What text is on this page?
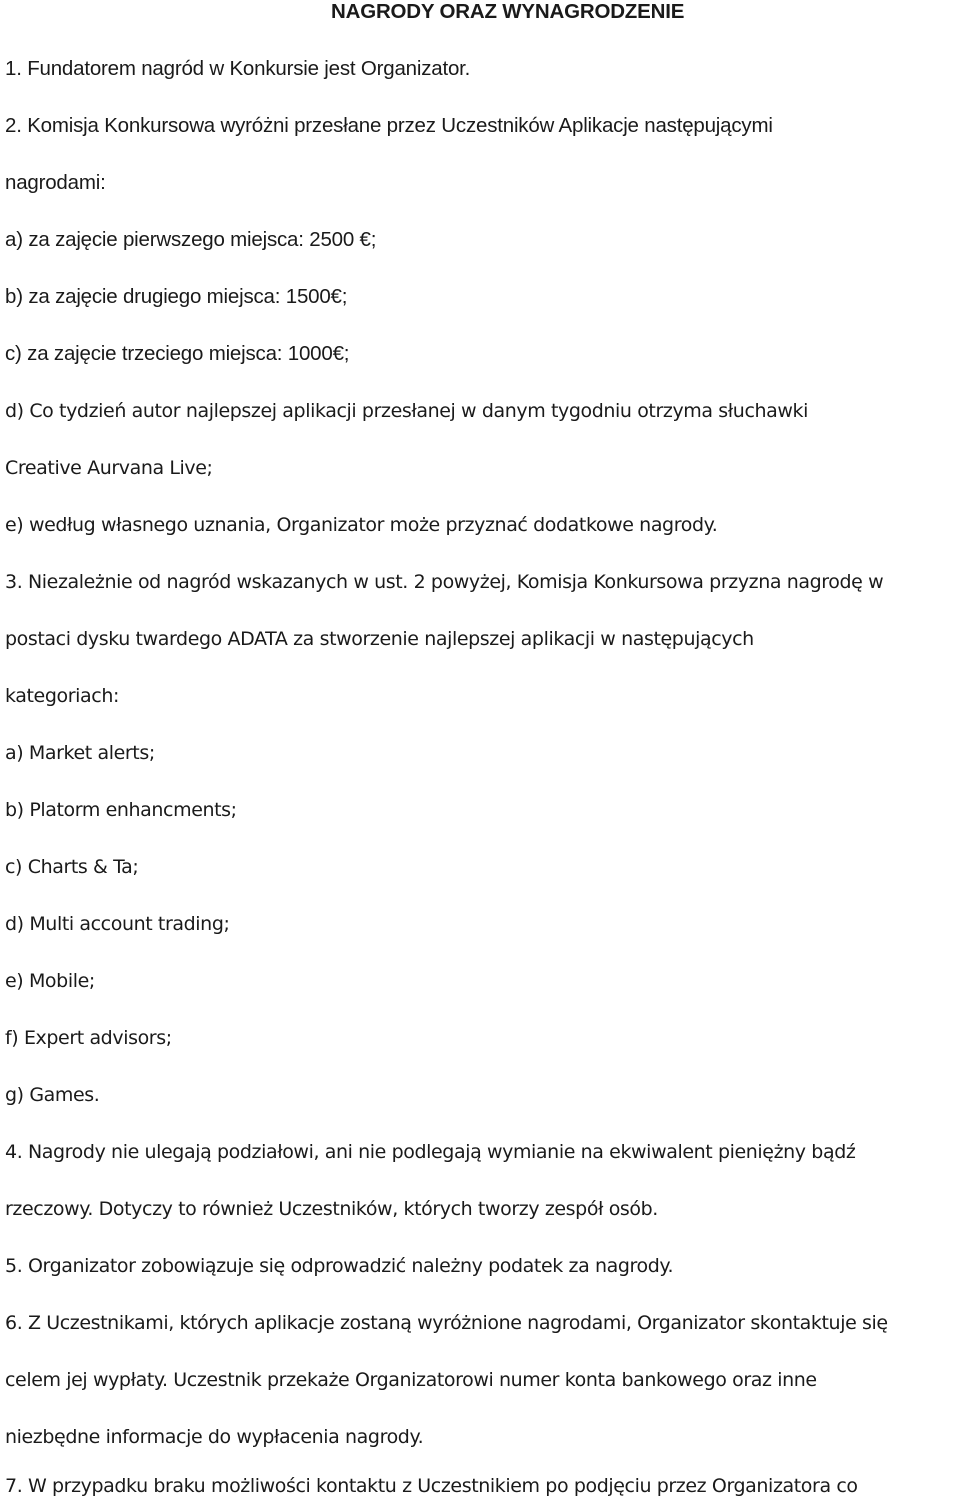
NAGRODY ORAZ WYNAGRODZENIE
1. Fundatorem nagród w Konkursie jest Organizator.
2. Komisja Konkursowa wyróżni przesłane przez Uczestników Aplikacje następującymi
nagrodami:
a) za zajęcie pierwszego miejsca: 2500 €;
b) za zajęcie drugiego miejsca: 1500€;
c) za zajęcie trzeciego miejsca: 1000€;
d) Co tydzień autor najlepszej aplikacji przesłanej w danym tygodniu otrzyma słuchawki
Creative Aurvana Live;
e) według własnego uznania, Organizator może przyznać dodatkowe nagrody.
3. Niezależnie od nagród wskazanych w ust. 2 powyżej, Komisja Konkursowa przyzna nagrodę w
postaci dysku twardego ADATA za stworzenie najlepszej aplikacji w następujących
kategoriach:
a) Market alerts;
b) Platorm enhancments;
c) Charts & Ta;
d) Multi account trading;
e) Mobile;
f) Expert advisors;
g) Games.
4. Nagrody nie ulegają podziałowi, ani nie podlegają wymianie na ekwiwalent pieniężny bądź
rzeczowy. Dotyczy to również Uczestników, których tworzy zespół osób.
5. Organizator zobowiązuje się odprowadzić należny podatek za nagrody.
6. Z Uczestnikami, których aplikacje zostaną wyróżnione nagrodami, Organizator skontaktuje się
celem jej wypłaty. Uczestnik przekaże Organizatorowi numer konta bankowego oraz inne
niezbędne informacje do wypłacenia nagrody.
7. W przypadku braku możliwości kontaktu z Uczestnikiem po podjęciu przez Organizatora co
